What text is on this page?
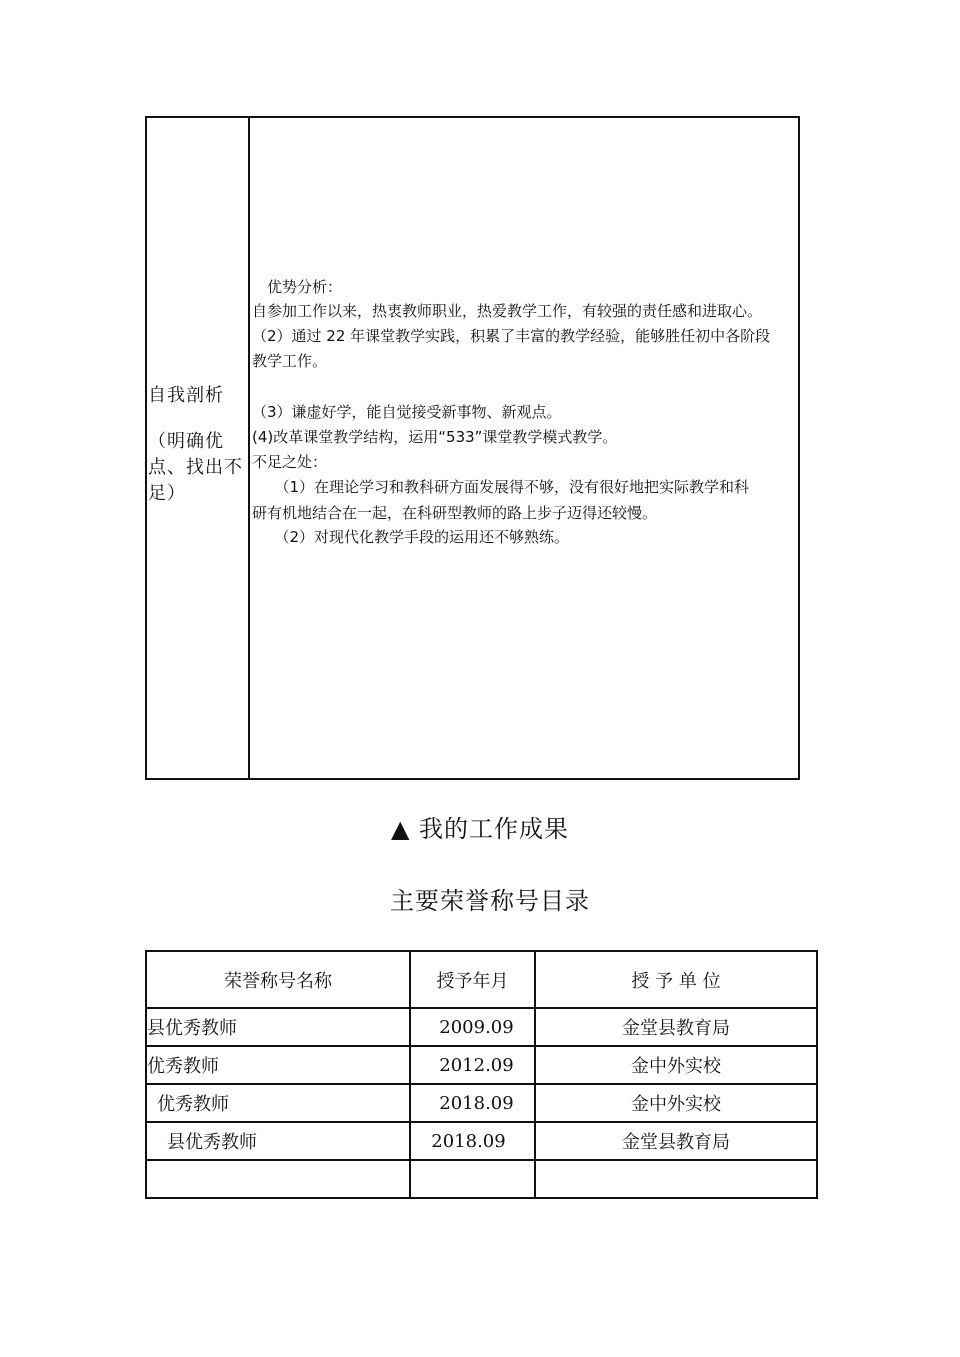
自我剖析
（明确优点、找出不足）
　优势分析：
自参加工作以来，热衷教师职业，热爱教学工作，有较强的责任感和进取心。
（2）通过 22 年课堂教学实践，积累了丰富的教学经验，能够胜任初中各阶段
教学工作。
（3）谦虚好学，能自觉接受新事物、新观点。
(4)改革课堂教学结构，运用“533”课堂教学模式教学。
不足之处：
　　（1）在理论学习和教科研方面发展得不够，没有很好地把实际教学和科
研有机地结合在一起，在科研型教师的路上步子迈得还较慢。
　　（2）对现代化教学手段的运用还不够熟练。
▲ 我的工作成果
主要荣誉称号目录
荣誉称号名称	授予年月	授 予 单 位
县优秀教师	2009.09	金堂县教育局
优秀教师	2012.09	金中外实校
优秀教师	2018.09	金中外实校
县优秀教师	2018.09	金堂县教育局
